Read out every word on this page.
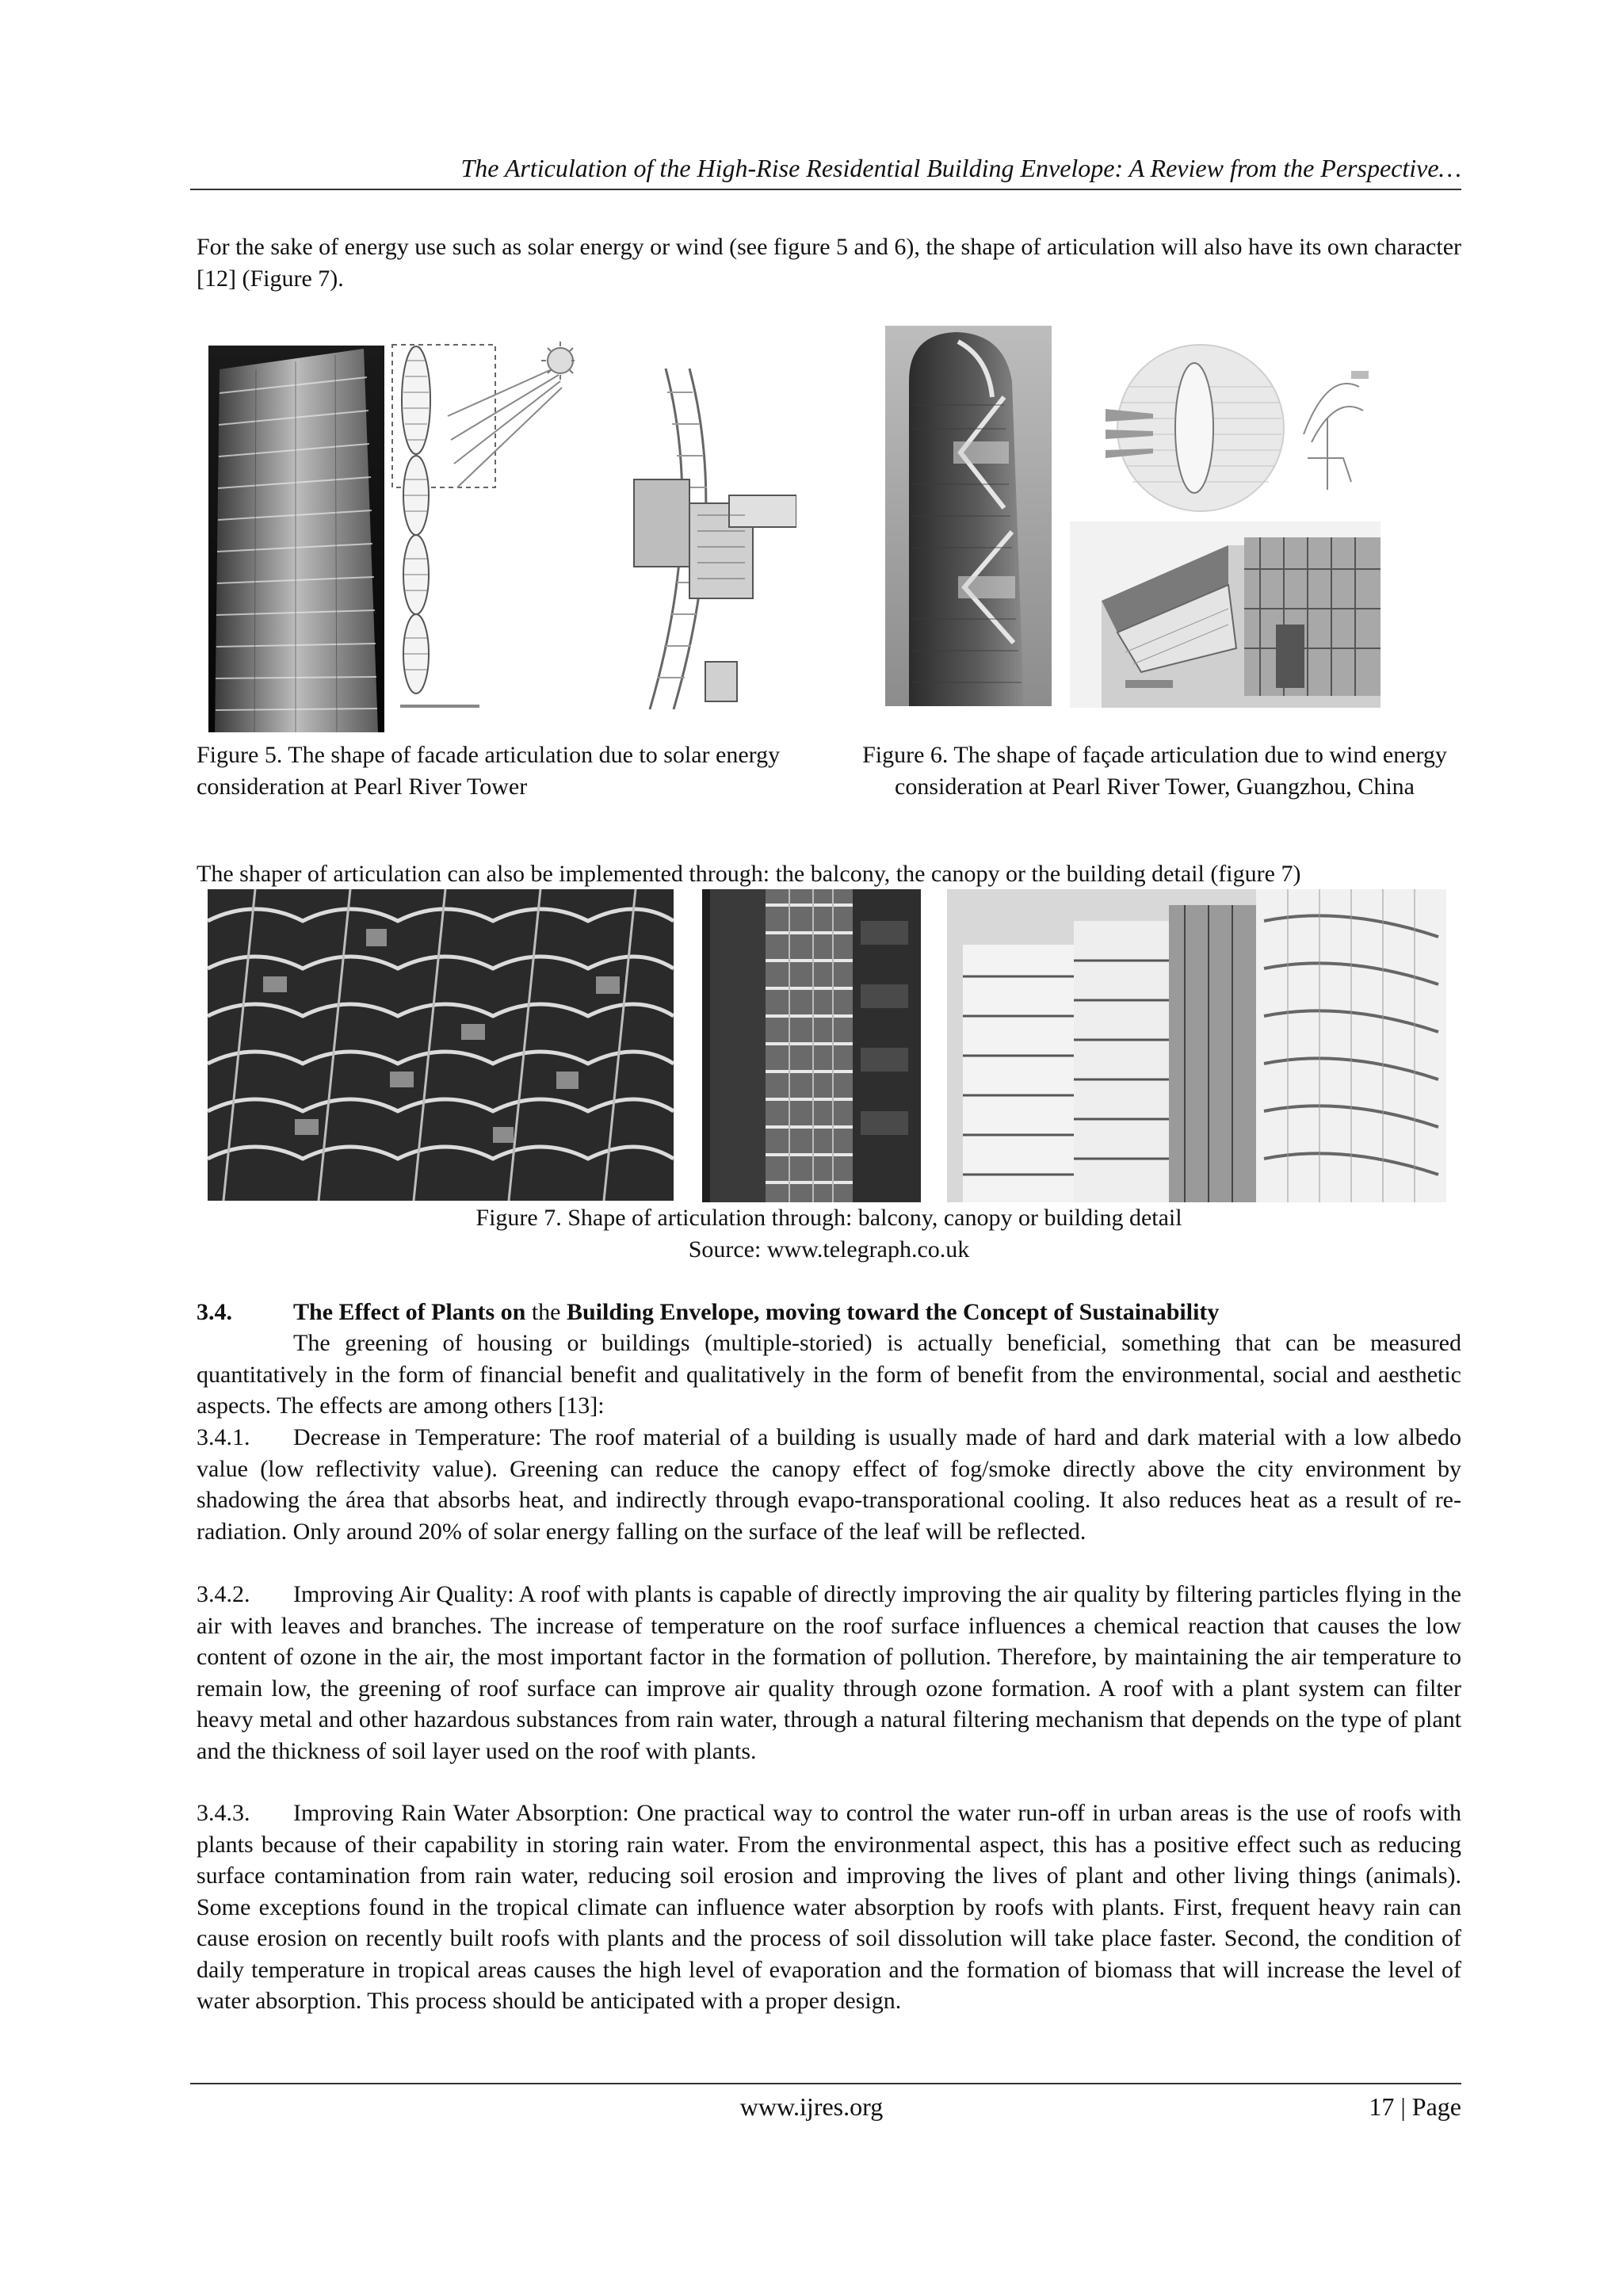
The Articulation of the High-Rise Residential Building Envelope: A Review from the Perspective…

For the sake of energy use such as solar energy or wind (see figure 5 and 6), the shape of articulation will also have its own character [12] (Figure 7).

Figure 5. The shape of facade articulation due to solar energy consideration at Pearl River Tower

Figure 6. The shape of façade articulation due to wind energy consideration at Pearl River Tower, Guangzhou, China

The shaper of articulation can also be implemented through: the balcony, the canopy or the building detail (figure 7)

Figure 7. Shape of articulation through: balcony, canopy or building detail

Source: www.telegraph.co.uk

3.4.	The Effect of Plants on the Building Envelope, moving toward the Concept of Sustainability

The greening of housing or buildings (multiple-storied) is actually beneficial, something that can be measured quantitatively in the form of financial benefit and qualitatively in the form of benefit from the environmental, social and aesthetic aspects. The effects are among others [13]:

3.4.1. Decrease in Temperature: The roof material of a building is usually made of hard and dark material with a low albedo value (low reflectivity value). Greening can reduce the canopy effect of fog/smoke directly above the city environment by shadowing the área that absorbs heat, and indirectly through evapo-transporational cooling. It also reduces heat as a result of re-radiation. Only around 20% of solar energy falling on the surface of the leaf will be reflected.

3.4.2. Improving Air Quality: A roof with plants is capable of directly improving the air quality by filtering particles flying in the air with leaves and branches. The increase of temperature on the roof surface influences a chemical reaction that causes the low content of ozone in the air, the most important factor in the formation of pollution. Therefore, by maintaining the air temperature to remain low, the greening of roof surface can improve air quality through ozone formation. A roof with a plant system can filter heavy metal and other hazardous substances from rain water, through a natural filtering mechanism that depends on the type of plant and the thickness of soil layer used on the roof with plants.

3.4.3. Improving Rain Water Absorption: One practical way to control the water run-off in urban areas is the use of roofs with plants because of their capability in storing rain water. From the environmental aspect, this has a positive effect such as reducing surface contamination from rain water, reducing soil erosion and improving the lives of plant and other living things (animals). Some exceptions found in the tropical climate can influence water absorption by roofs with plants. First, frequent heavy rain can cause erosion on recently built roofs with plants and the process of soil dissolution will take place faster. Second, the condition of daily temperature in tropical areas causes the high level of evaporation and the formation of biomass that will increase the level of water absorption. This process should be anticipated with a proper design.

www.ijres.org	17 | Page
